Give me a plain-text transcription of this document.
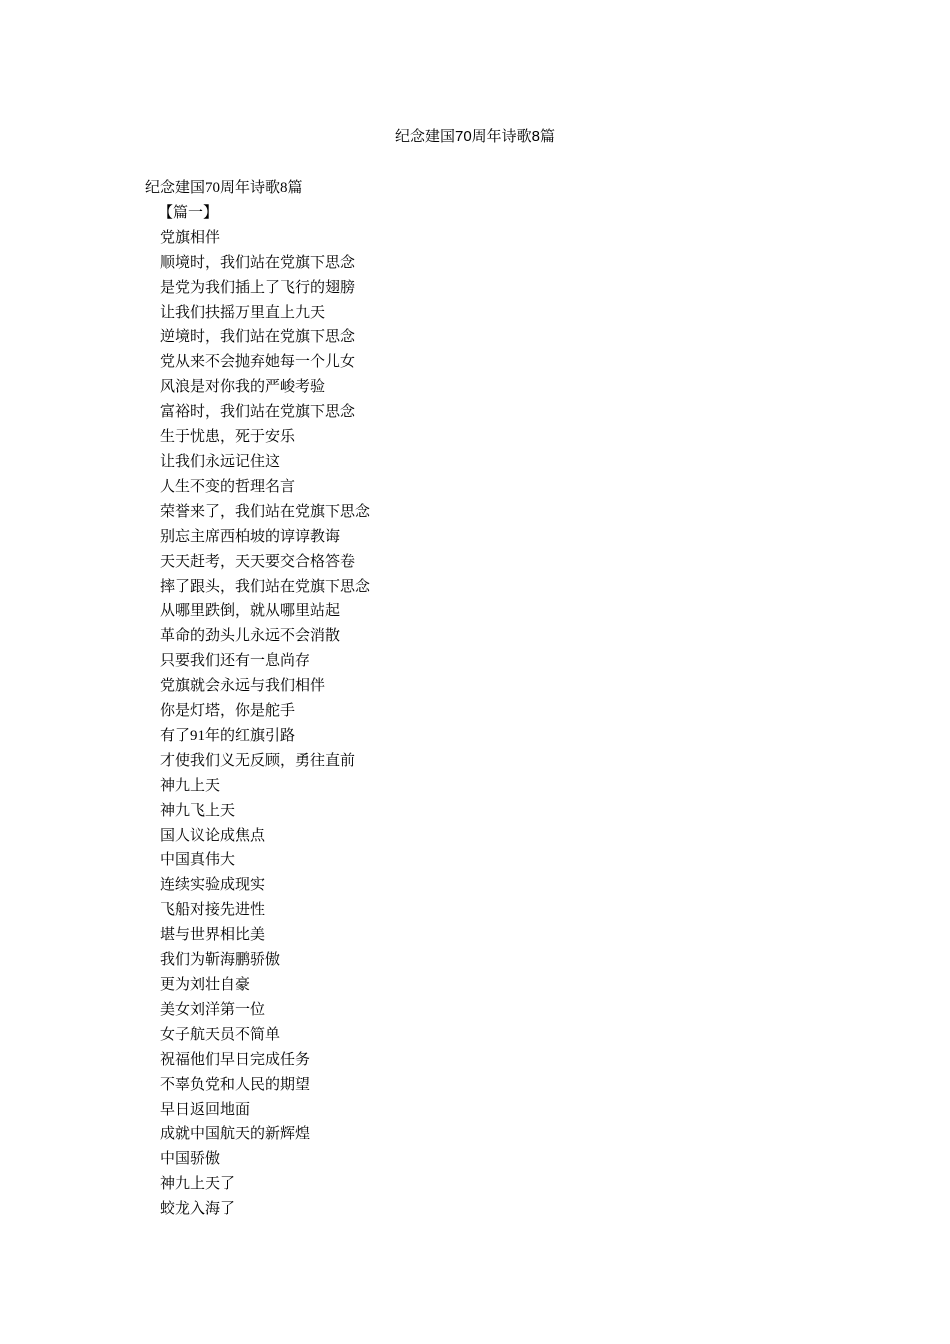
纪念建国70周年诗歌8篇
纪念建国70周年诗歌8篇
【篇一】
党旗相伴
顺境时，我们站在党旗下思念
是党为我们插上了飞行的翅膀
让我们扶摇万里直上九天
逆境时，我们站在党旗下思念
党从来不会抛弃她每一个儿女
风浪是对你我的严峻考验
富裕时，我们站在党旗下思念
生于忧患，死于安乐
让我们永远记住这
人生不变的哲理名言
荣誉来了，我们站在党旗下思念
别忘主席西柏坡的谆谆教诲
天天赶考，天天要交合格答卷
摔了跟头，我们站在党旗下思念
从哪里跌倒，就从哪里站起
革命的劲头儿永远不会消散
只要我们还有一息尚存
党旗就会永远与我们相伴
你是灯塔，你是舵手
有了91年的红旗引路
才使我们义无反顾，勇往直前
神九上天
神九飞上天
国人议论成焦点
中国真伟大
连续实验成现实
飞船对接先进性
堪与世界相比美
我们为靳海鹏骄傲
更为刘壮自豪
美女刘洋第一位
女子航天员不简单
祝福他们早日完成任务
不辜负党和人民的期望
早日返回地面
成就中国航天的新辉煌
中国骄傲
神九上天了
蛟龙入海了
